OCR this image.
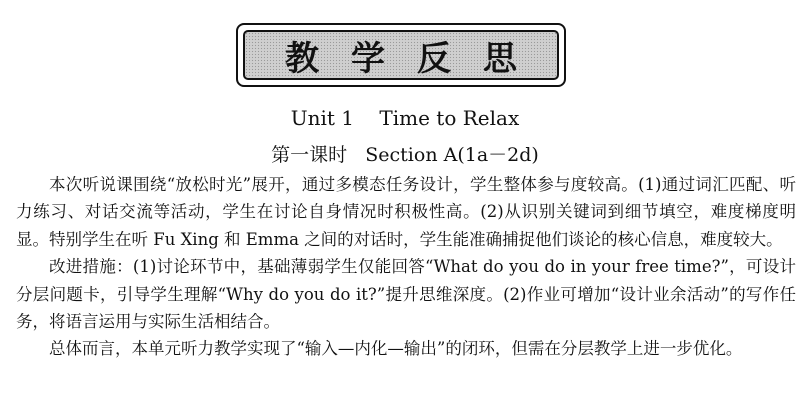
教学反思
Unit 1    Time to Relax
第一课时   Section A(1a－2d)

本次听说课围绕“放松时光”展开，通过多模态任务设计，学生整体参与度较高。(1)通过词汇匹配、听力练习、对话交流等活动，学生在讨论自身情况时积极性高。(2)从识别关键词到细节填空，难度梯度明显。特别学生在听 Fu Xing 和 Emma 之间的对话时，学生能准确捕捉他们谈论的核心信息，难度较大。

改进措施：(1)讨论环节中，基础薄弱学生仅能回答“What do you do in your free time?”，可设计分层问题卡，引导学生理解“Why do you do it?”提升思维深度。(2)作业可增加“设计业余活动”的写作任务，将语言运用与实际生活相结合。

总体而言，本单元听力教学实现了“输入—内化—输出”的闭环，但需在分层教学上进一步优化。
